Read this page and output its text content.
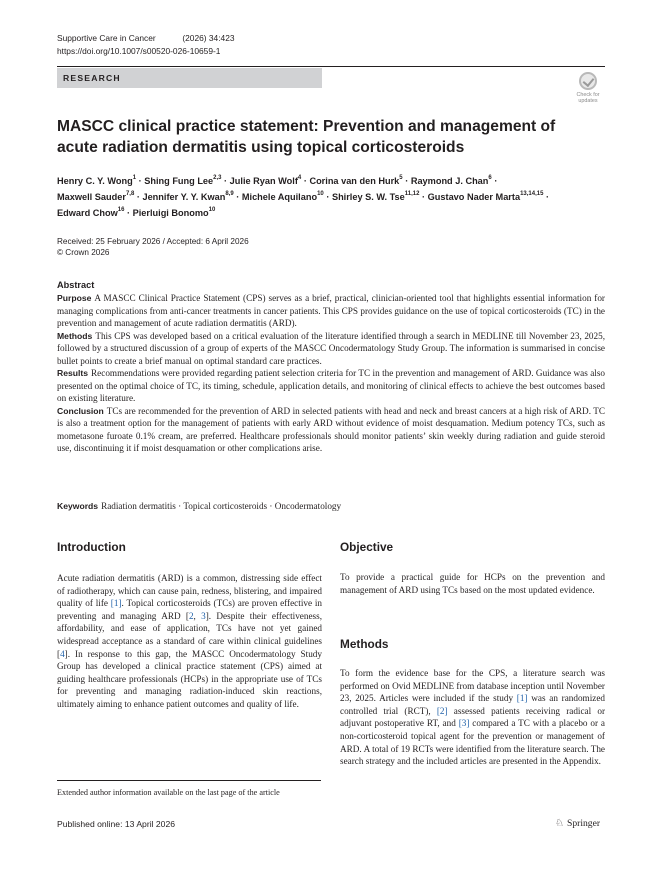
Supportive Care in Cancer	(2026) 34:423
https://doi.org/10.1007/s00520-026-10659-1
RESEARCH
Check for
updates
MASCC clinical practice statement: Prevention and management of acute radiation dermatitis using topical corticosteroids
Henry C. Y. Wong$^1$ · Shing Fung Lee$^{2,3}$ · Julie Ryan Wolf$^4$ · Corina van den Hurk$^5$ · Raymond J. Chan$^6$ ·
Maxwell Sauder$^{7,8}$ · Jennifer Y. Y. Kwan$^{8,9}$ · Michele Aquilano$^{10}$ · Shirley S. W. Tse$^{11,12}$ · Gustavo Nader Marta$^{13,14,15}$ ·
Edward Chow$^{16}$ · Pierluigi Bonomo$^{10}$
Received: 25 February 2026 / Accepted: 6 April 2026
© Crown 2026
Abstract

Purpose A MASCC Clinical Practice Statement (CPS) serves as a brief, practical, clinician-oriented tool that highlights essential information for managing complications from anti-cancer treatments in cancer patients. This CPS provides guidance on the use of topical corticosteroids (TC) in the prevention and management of acute radiation dermatitis (ARD).

Methods This CPS was developed based on a critical evaluation of the literature identified through a search in MEDLINE till November 23, 2025, followed by a structured discussion of a group of experts of the MASCC Oncodermatology Study Group. The information is summarised in concise bullet points to create a brief manual on optimal standard care practices.

Results Recommendations were provided regarding patient selection criteria for TC in the prevention and management of ARD. Guidance was also presented on the optimal choice of TC, its timing, schedule, application details, and monitoring of clinical effects to achieve the best outcomes based on existing literature.

Conclusion TCs are recommended for the prevention of ARD in selected patients with head and neck and breast cancers at a high risk of ARD. TC is also a treatment option for the management of patients with early ARD without evidence of moist desquamation. Medium potency TCs, such as mometasone furoate 0.1% cream, are preferred. Healthcare professionals should monitor patients’ skin weekly during radiation and guide steroid use, discontinuing it if moist desquamation or other complications arise.

Keywords Radiation dermatitis · Topical corticosteroids · Oncodermatology
Introduction
Acute radiation dermatitis (ARD) is a common, distressing side effect of radiotherapy, which can cause pain, redness, blistering, and impaired quality of life [1]. Topical corticosteroids (TCs) are proven effective in preventing and managing ARD [2, 3]. Despite their effectiveness, affordability, and ease of application, TCs have not yet gained widespread acceptance as a standard of care within clinical guidelines [4]. In response to this gap, the MASCC Oncodermatology Study Group has developed a clinical practice statement (CPS) aimed at guiding healthcare professionals (HCPs) in the appropriate use of TCs for preventing and managing radiation-induced skin reactions, ultimately aiming to enhance patient outcomes and quality of life.
Objective
To provide a practical guide for HCPs on the prevention and management of ARD using TCs based on the most updated evidence.
Methods
To form the evidence base for the CPS, a literature search was performed on Ovid MEDLINE from database inception until November 23, 2025. Articles were included if the study [1] was an randomized controlled trial (RCT), [2] assessed patients receiving radical or adjuvant postoperative RT, and [3] compared a TC with a placebo or a non-corticosteroid topical agent for the prevention or management of ARD. A total of 19 RCTs were identified from the literature search. The search strategy and the included articles are presented in the Appendix.
Extended author information available on the last page of the article
Published online: 13 April 2026	♘ Springer
